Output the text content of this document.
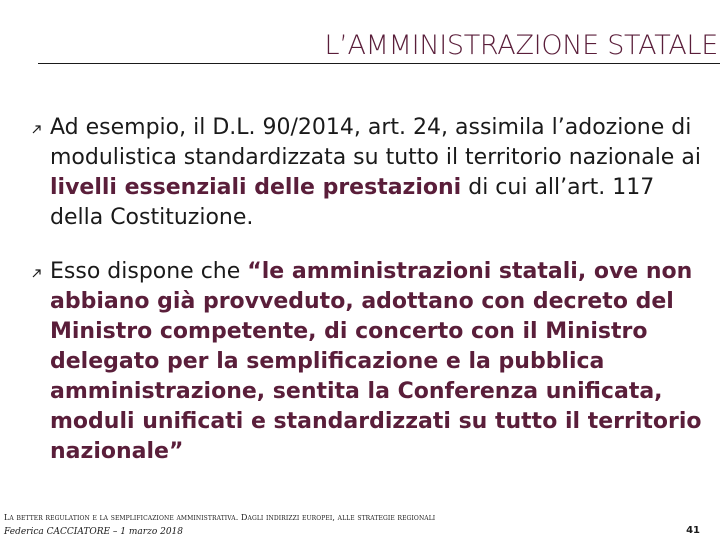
L’AMMINISTRAZIONE STATALE
Ad esempio, il D.L. 90/2014, art. 24, assimila l’adozione di modulistica standardizzata su tutto il territorio nazionale ai livelli essenziali delle prestazioni di cui all’art. 117 della Costituzione.
Esso dispone che “le amministrazioni statali, ove non abbiano già provveduto, adottano con decreto del Ministro competente, di concerto con il Ministro delegato per la semplificazione e la pubblica amministrazione, sentita la Conferenza unificata, moduli unificati e standardizzati su tutto il territorio nazionale”
La better regulation e la semplificazione amministrativa. Dagli indirizzi europei, alle strategie regionali
Federica CACCIATORE – 1 marzo 2018	41
